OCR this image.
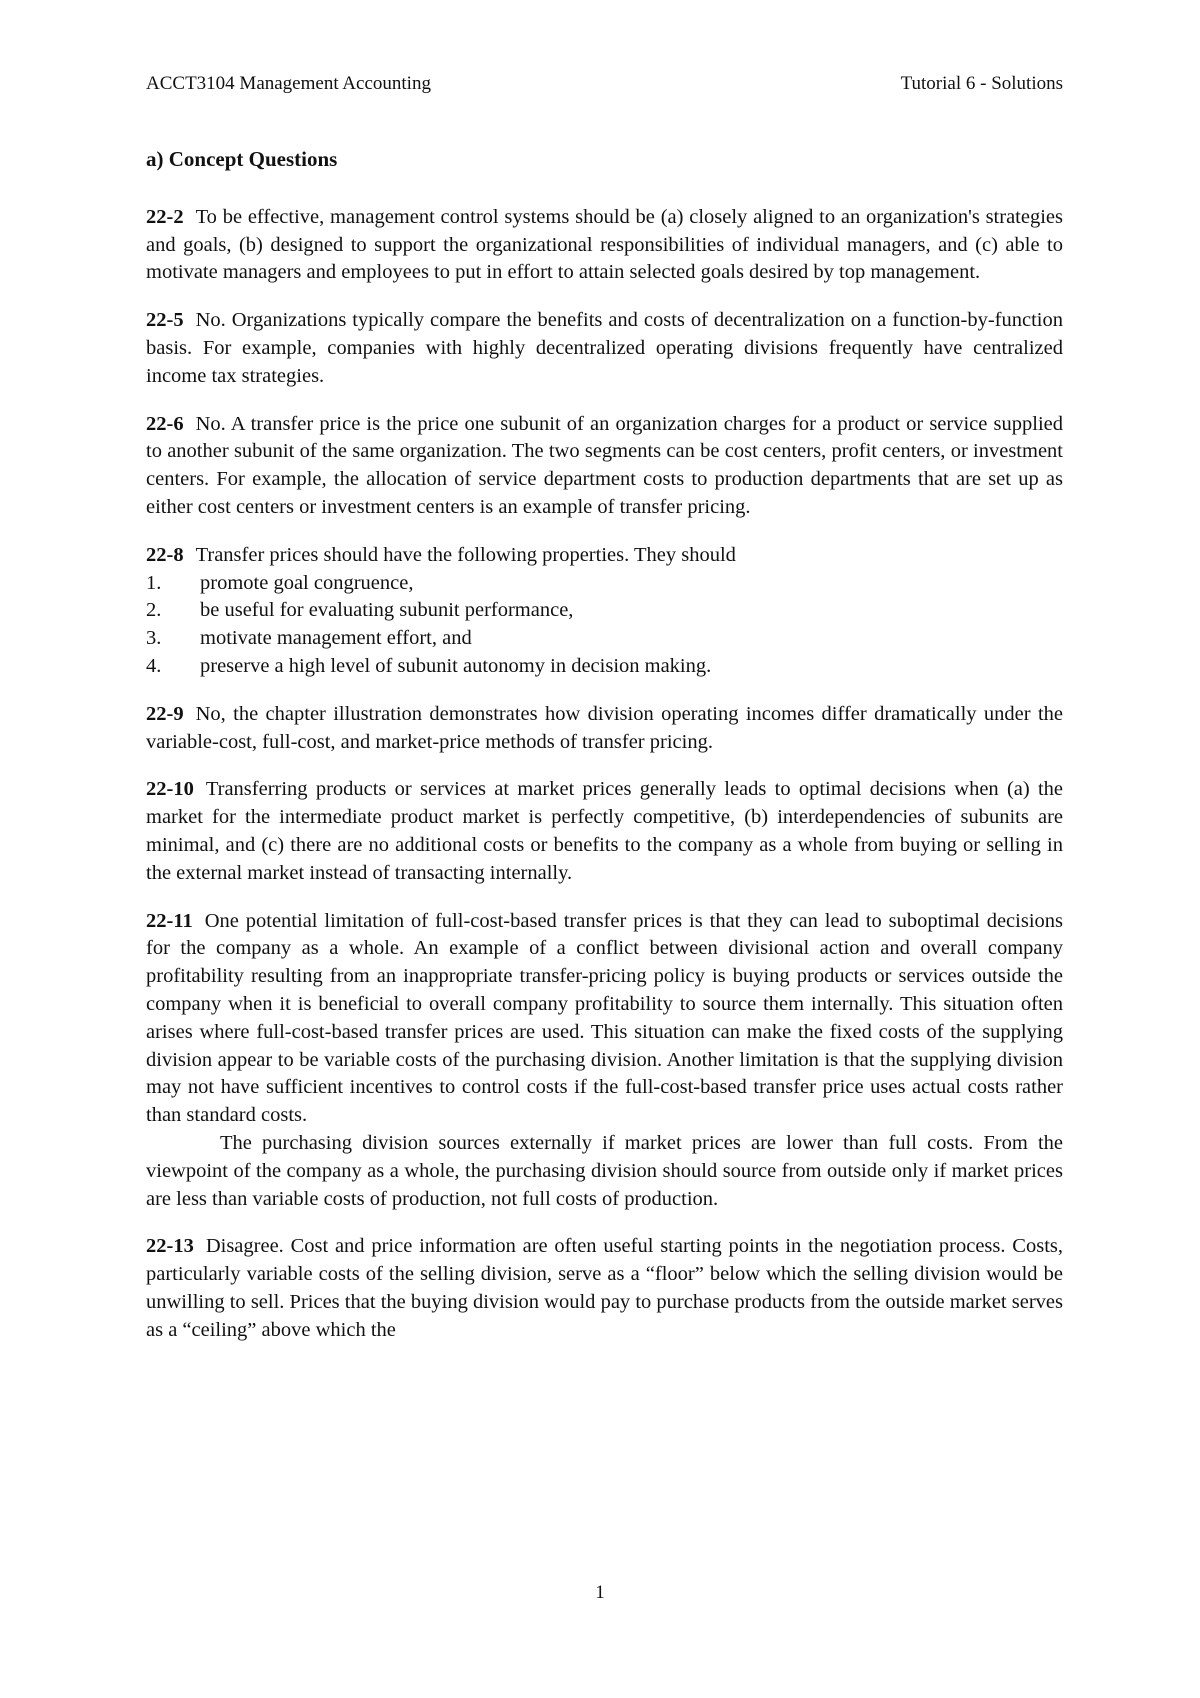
ACCT3104 Management Accounting	Tutorial 6 - Solutions
a) Concept Questions

22-2 To be effective, management control systems should be (a) closely aligned to an organization's strategies and goals, (b) designed to support the organizational responsibilities of individual managers, and (c) able to motivate managers and employees to put in effort to attain selected goals desired by top management.

22-5 No. Organizations typically compare the benefits and costs of decentralization on a function-by-function basis. For example, companies with highly decentralized operating divisions frequently have centralized income tax strategies.

22-6 No. A transfer price is the price one subunit of an organization charges for a product or service supplied to another subunit of the same organization. The two segments can be cost centers, profit centers, or investment centers. For example, the allocation of service department costs to production departments that are set up as either cost centers or investment centers is an example of transfer pricing.

22-8 Transfer prices should have the following properties. They should

1.	promote goal congruence,
2.	be useful for evaluating subunit performance,
3.	motivate management effort, and
4.	preserve a high level of subunit autonomy in decision making.

22-9 No, the chapter illustration demonstrates how division operating incomes differ dramatically under the variable-cost, full-cost, and market-price methods of transfer pricing.

22-10 Transferring products or services at market prices generally leads to optimal decisions when (a) the market for the intermediate product market is perfectly competitive, (b) interdependencies of subunits are minimal, and (c) there are no additional costs or benefits to the company as a whole from buying or selling in the external market instead of transacting internally.

22-11 One potential limitation of full-cost-based transfer prices is that they can lead to suboptimal decisions for the company as a whole. An example of a conflict between divisional action and overall company profitability resulting from an inappropriate transfer-pricing policy is buying products or services outside the company when it is beneficial to overall company profitability to source them internally. This situation often arises where full-cost-based transfer prices are used. This situation can make the fixed costs of the supplying division appear to be variable costs of the purchasing division. Another limitation is that the supplying division may not have sufficient incentives to control costs if the full-cost-based transfer price uses actual costs rather than standard costs.

The purchasing division sources externally if market prices are lower than full costs. From the viewpoint of the company as a whole, the purchasing division should source from outside only if market prices are less than variable costs of production, not full costs of production.

22-13 Disagree. Cost and price information are often useful starting points in the negotiation process. Costs, particularly variable costs of the selling division, serve as a “floor” below which the selling division would be unwilling to sell. Prices that the buying division would pay to purchase products from the outside market serves as a “ceiling” above which the

1
